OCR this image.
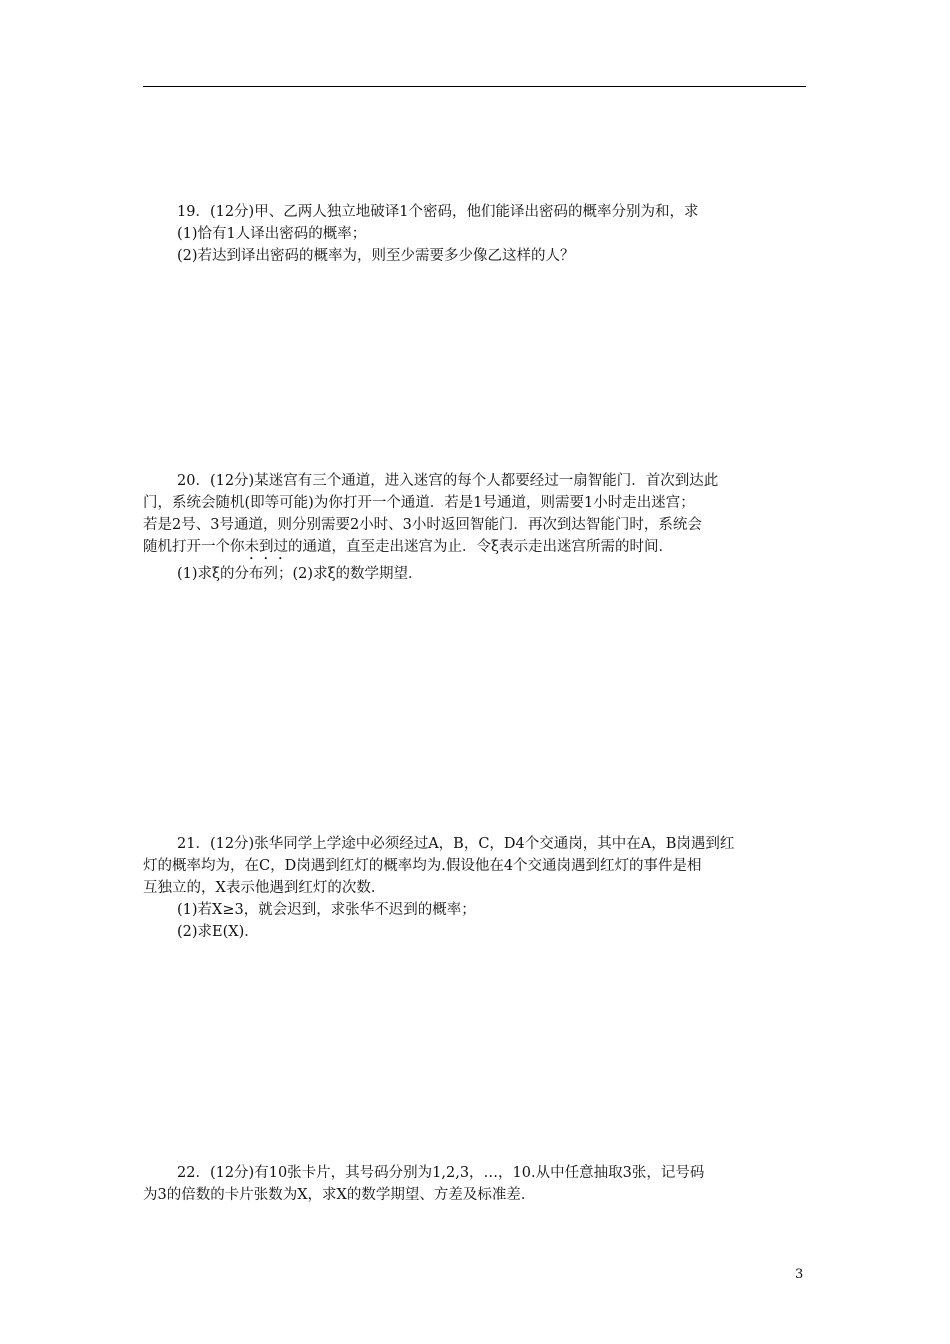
19．(12分)甲、乙两人独立地破译1个密码，他们能译出密码的概率分别为和，求

(1)恰有1人译出密码的概率；

(2)若达到译出密码的概率为，则至少需要多少像乙这样的人？

20．(12分)某迷宫有三个通道，进入迷宫的每个人都要经过一扇智能门．首次到达此

门，系统会随机(即等可能)为你打开一个通道．若是1号通道，则需要1小时走出迷宫；

若是2号、3号通道，则分别需要2小时、3小时返回智能门．再次到达智能门时，系统会

随机打开一个你未到过的通道，直至走出迷宫为止．令ξ表示走出迷宫所需的时间．

(1)求ξ的分布列；(2)求ξ的数学期望．

21．(12分)张华同学上学途中必须经过A，B，C，D4个交通岗，其中在A，B岗遇到红

灯的概率均为，在C，D岗遇到红灯的概率均为.假设他在4个交通岗遇到红灯的事件是相

互独立的，X表示他遇到红灯的次数．

(1)若X≥3，就会迟到，求张华不迟到的概率；

(2)求E(X)．

22．(12分)有10张卡片，其号码分别为1,2,3，…，10.从中任意抽取3张，记号码

为3的倍数的卡片张数为X，求X的数学期望、方差及标准差．

3
